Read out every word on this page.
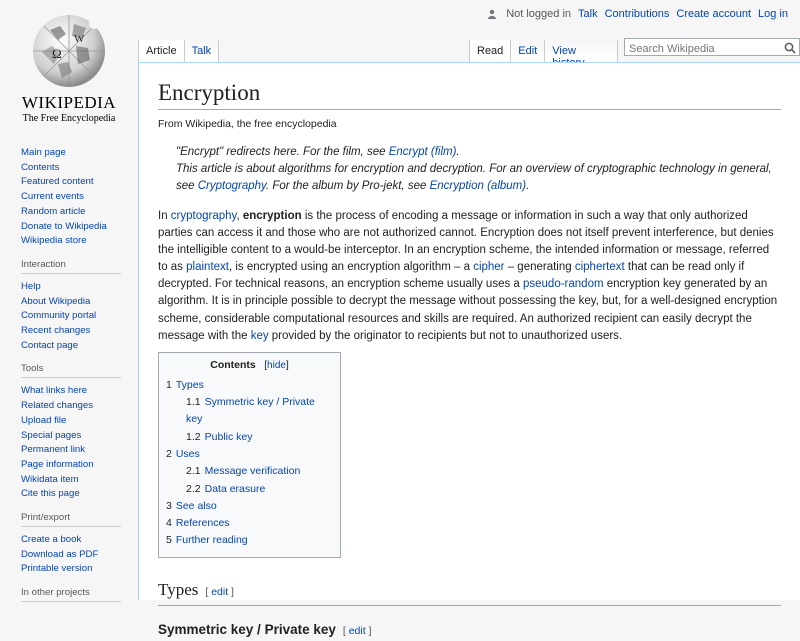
Not logged in Talk Contributions Create account Log in
Ω
W
WIKIPEDIA
The Free Encyclopedia
Main page
Contents
Featured content
Current events
Random article
Donate to Wikipedia
Wikipedia store
Interaction
Help
About Wikipedia
Community portal
Recent changes
Contact page
Tools
What links here
Related changes
Upload file
Special pages
Permanent link
Page information
Wikidata item
Cite this page
Print/export
Create a book
Download as PDF
Printable version
In other projects
Article	Talk	Read	Edit	View
Search Wikipedia
Encryption
From Wikipedia, the free encyclopedia
"Encrypt" redirects here. For the film, see Encrypt (film).
This article is about algorithms for encryption and decryption. For an overview of cryptographic technology in general, see Cryptography. For the album by Pro-jekt, see Encryption (album).

In cryptography, encryption is the process of encoding a message or information in such a way that only authorized parties can access it and those who are not authorized cannot. Encryption does not itself prevent interference, but denies the intelligible content to a would-be interceptor. In an encryption scheme, the intended information or message, referred to as plaintext, is encrypted using an encryption algorithm – a cipher – generating ciphertext that can be read only if decrypted. For technical reasons, an encryption scheme usually uses a pseudo-random encryption key generated by an algorithm. It is in principle possible to decrypt the message without possessing the key, but, for a well-designed encryption scheme, considerable computational resources and skills are required. An authorized recipient can easily decrypt the message with the key provided by the originator to recipients but not to unauthorized users.

Contents   [hide]
1 Types
1.1 Symmetric key / Private key
1.2 Public key
2 Uses
2.1 Message verification
2.2 Data erasure
3 See also
4 References
5 Further reading
Types [ edit ]
Symmetric key / Private key [ edit ]
